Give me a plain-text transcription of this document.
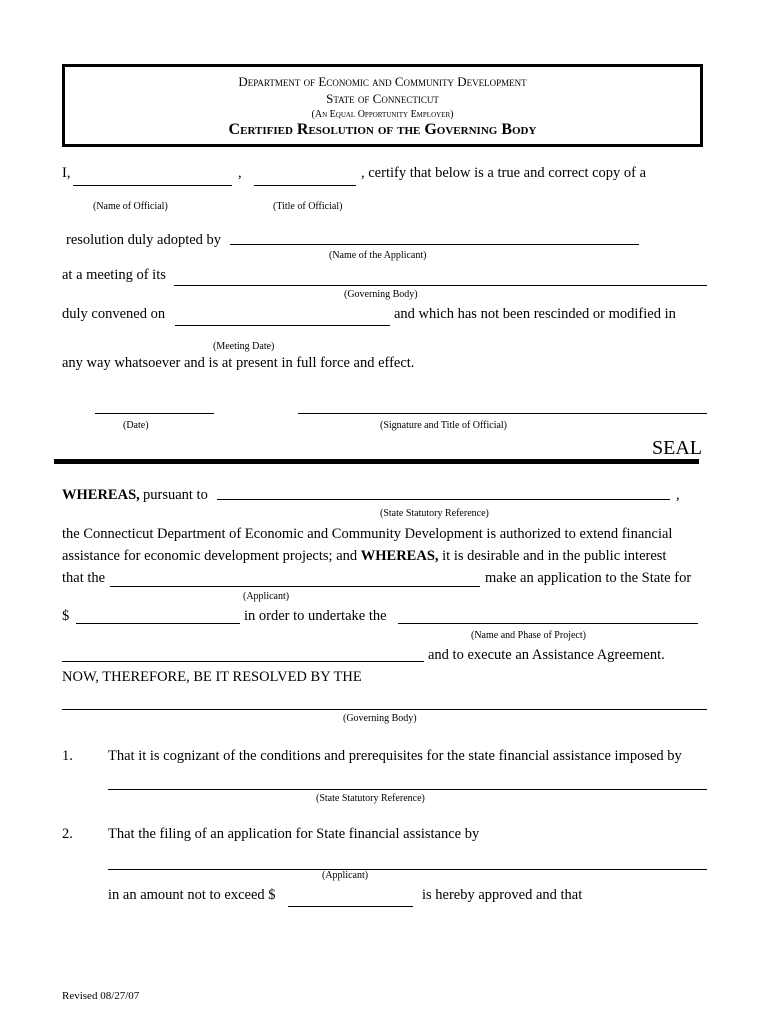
Department of Economic and Community Development
State of Connecticut
(An Equal Opportunity Employer)
Certified Resolution of the Governing Body
I,	,	, certify that below is a true and correct copy of a
(Name of Official)	(Title of Official)
resolution duly adopted by
(Name of the Applicant)
at a meeting of its
(Governing Body)
duly convened on	and which has not been rescinded or modified in
(Meeting Date)
any way whatsoever and is at present in full force and effect.
(Date)	(Signature and Title of Official)
SEAL
WHEREAS, pursuant to	,
(State Statutory Reference)
the Connecticut Department of Economic and Community Development is authorized to extend financial
assistance for economic development projects; and WHEREAS, it is desirable and in the public interest
that the	make an application to the State for
(Applicant)
$	in order to undertake the
(Name and Phase of Project)
and to execute an Assistance Agreement.
NOW, THEREFORE, BE IT RESOLVED BY THE
(Governing Body)
1. That it is cognizant of the conditions and prerequisites for the state financial assistance imposed by
(State Statutory Reference)
2. That the filing of an application for State financial assistance by
(Applicant)
in an amount not to exceed $	is hereby approved and that
Revised 08/27/07
